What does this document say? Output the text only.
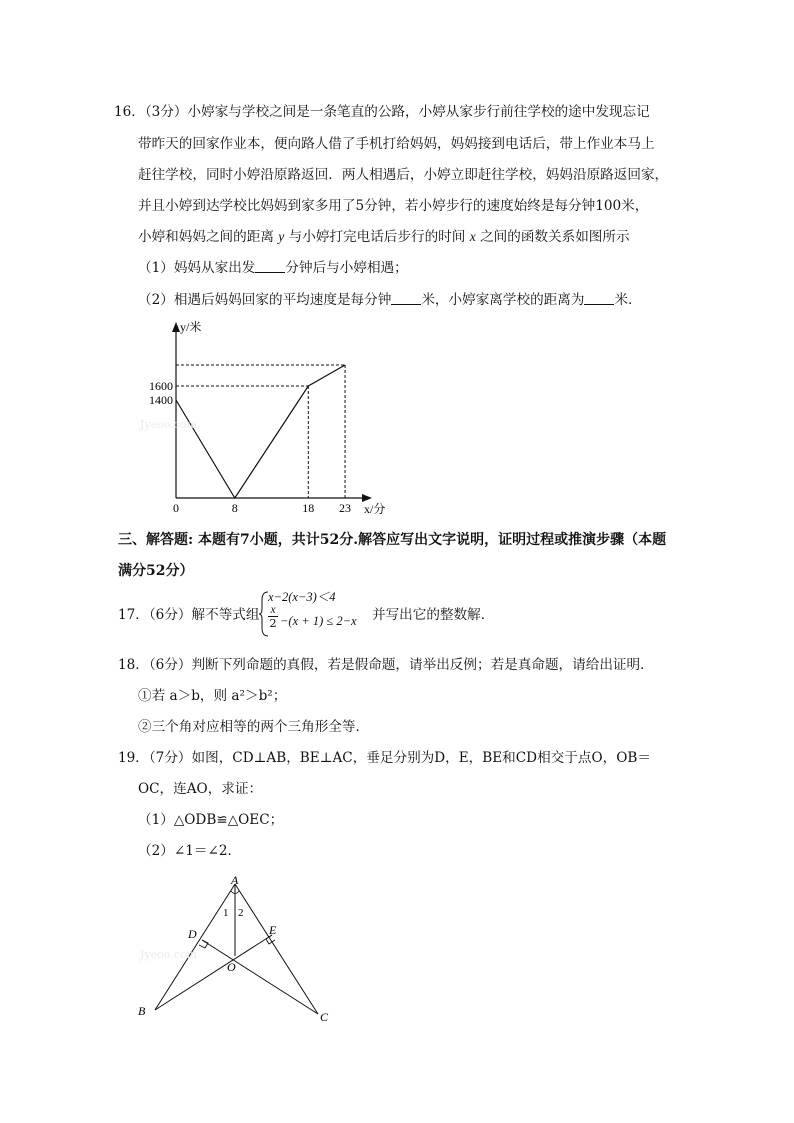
16．（3分）小婷家与学校之间是一条笔直的公路，小婷从家步行前往学校的途中发现忘记
带昨天的回家作业本，便向路人借了手机打给妈妈，妈妈接到电话后，带上作业本马上
赶往学校，同时小婷沿原路返回．两人相遇后，小婷立即赶往学校，妈妈沿原路返回家，
并且小婷到达学校比妈妈到家多用了5分钟，若小婷步行的速度始终是每分钟100米，
小婷和妈妈之间的距离 y 与小婷打完电话后步行的时间 x 之间的函数关系如图所示
（1）妈妈从家出发 分钟后与小婷相遇；
（2）相遇后妈妈回家的平均速度是每分钟 米，小婷家离学校的距离为 米．
0	8	18 23
1600
1400
y/米
x/分
Jyeoo.com
三、解答题: 本题有7小题，共计52分.解答应写出文字说明，证明过程或推演步骤（本题
满分52分）
17．（6分）解不等式组
x−2(x−3)＜4
$\frac{x}{2} -(x + 1) \le 2-x$ 并写出它的整数解．
18．（6分）判断下列命题的真假，若是假命题，请举出反例；若是真命题，请给出证明．
①若 a＞b，则 a²＞b²；
②三个角对应相等的两个三角形全等．
19．（7分）如图，CD⊥AB，BE⊥AC，垂足分别为D，E，BE和CD相交于点O，OB＝
OC，连AO，求证：
（1）△ODB≌△OEC；
（2）∠1＝∠2．
A
B	C
D	E
O
1 2
Jyeoo.com
